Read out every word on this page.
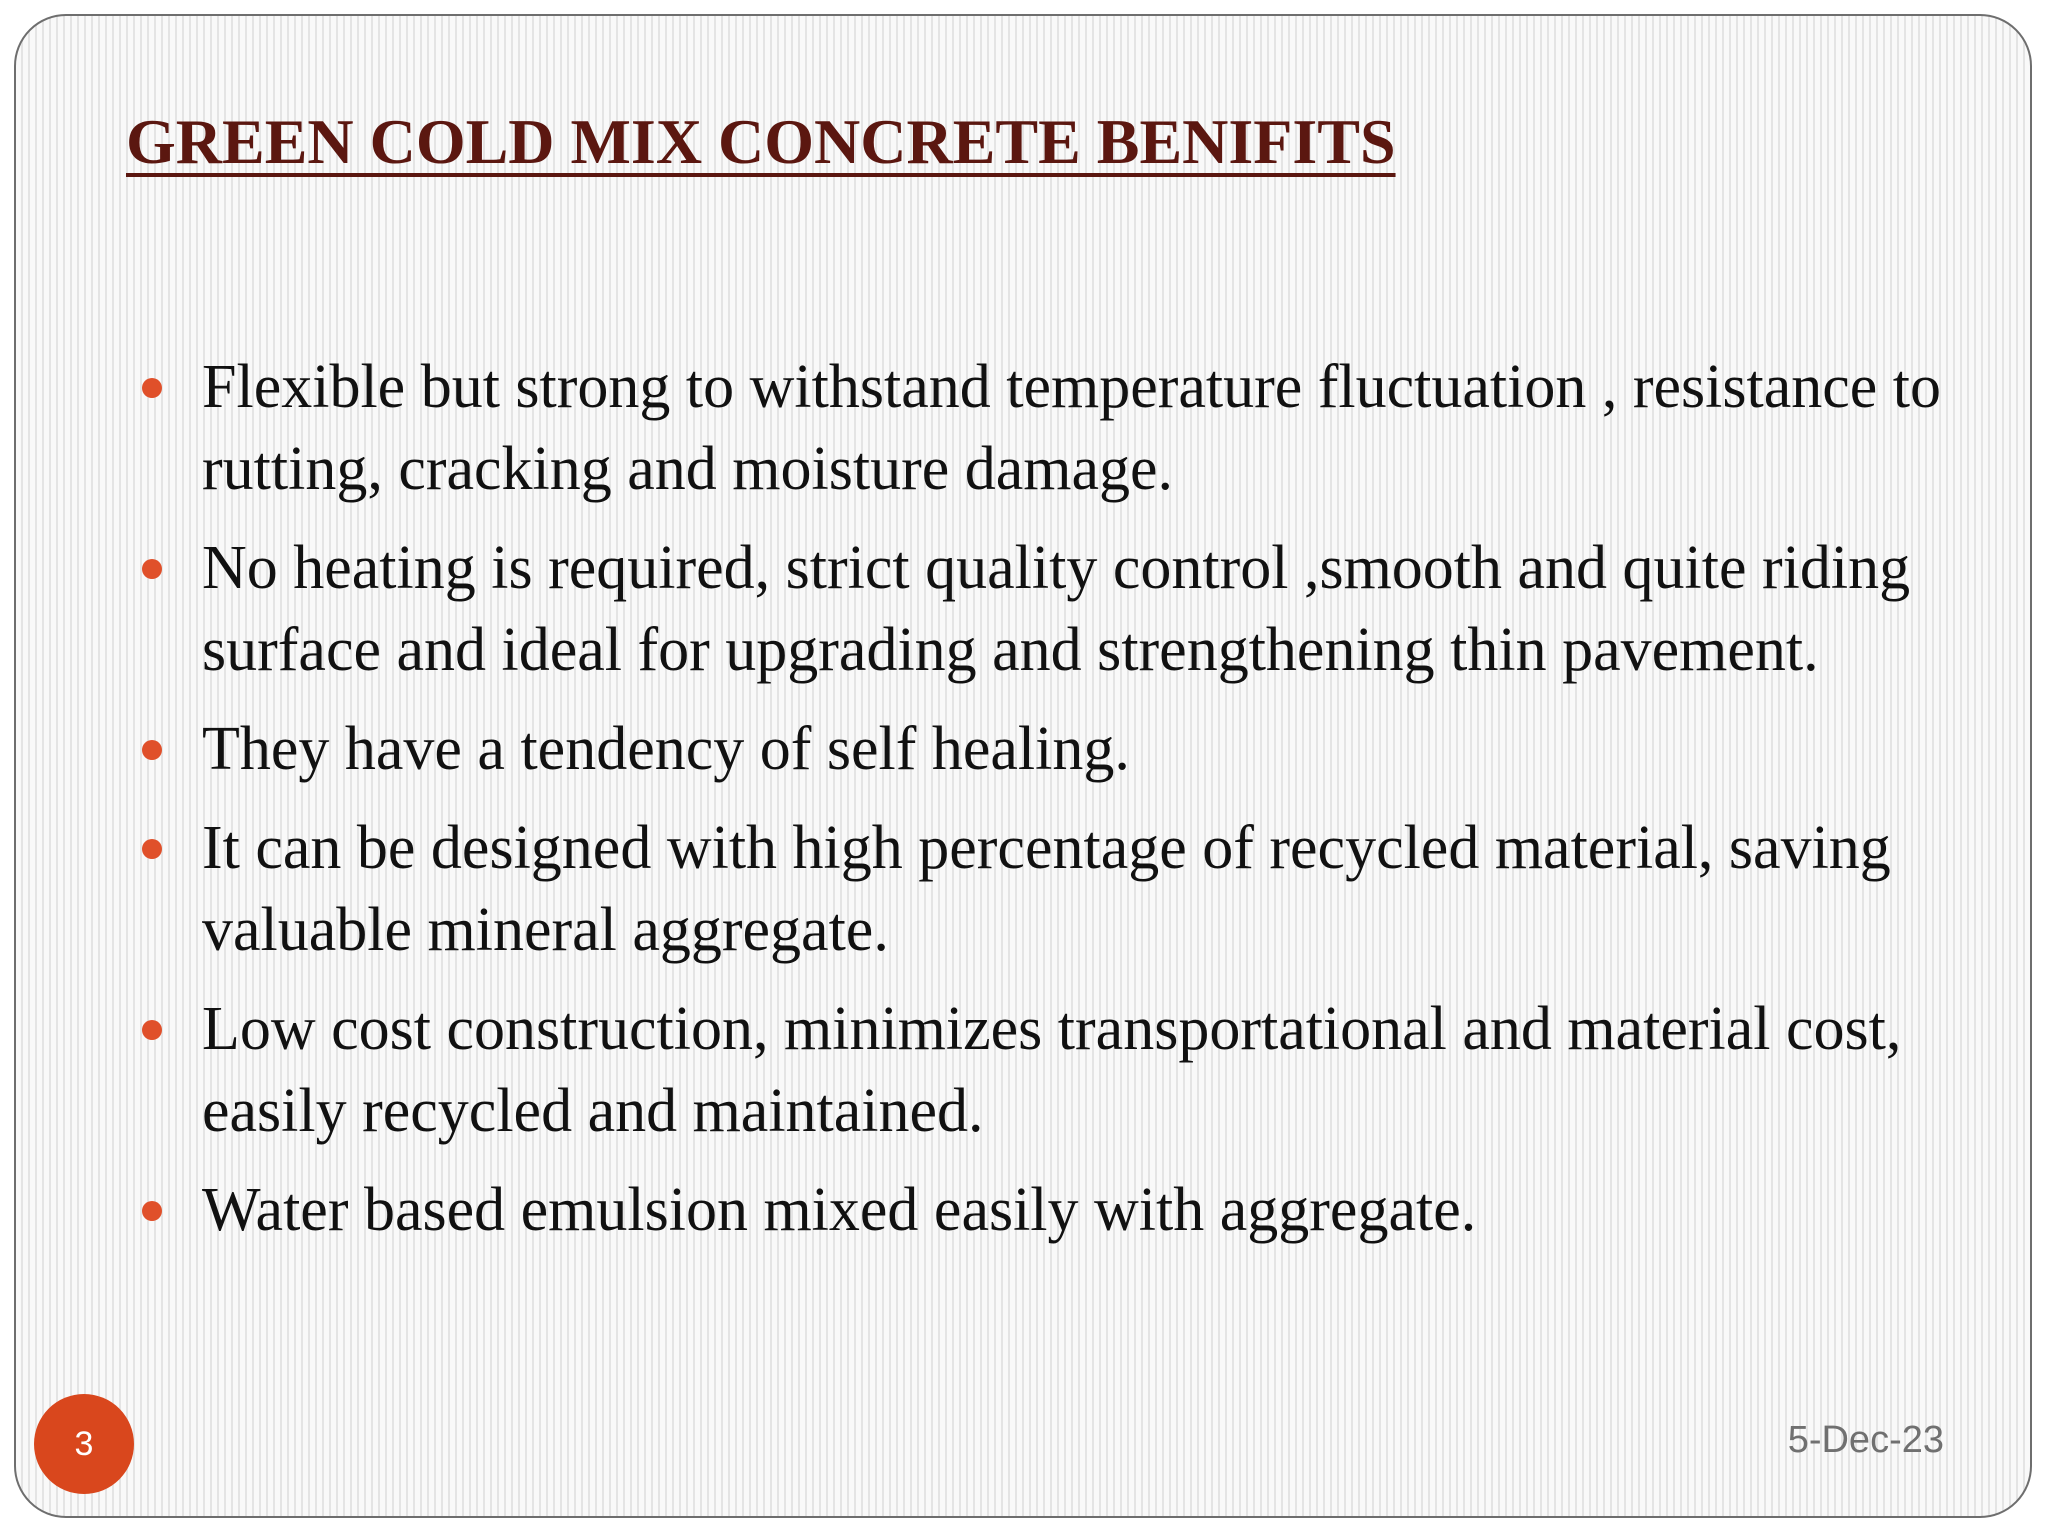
GREEN COLD MIX CONCRETE BENIFITS
Flexible but strong to withstand temperature fluctuation , resistance to rutting, cracking and moisture damage.
No heating is required, strict quality control ,smooth and quite riding surface and ideal for upgrading and strengthening thin pavement.
They have a tendency of self healing.
It can be designed with high percentage of recycled material, saving valuable mineral aggregate.
Low cost construction, minimizes transportational and material cost, easily recycled and maintained.
Water based emulsion mixed easily with aggregate.
3	5-Dec-23
